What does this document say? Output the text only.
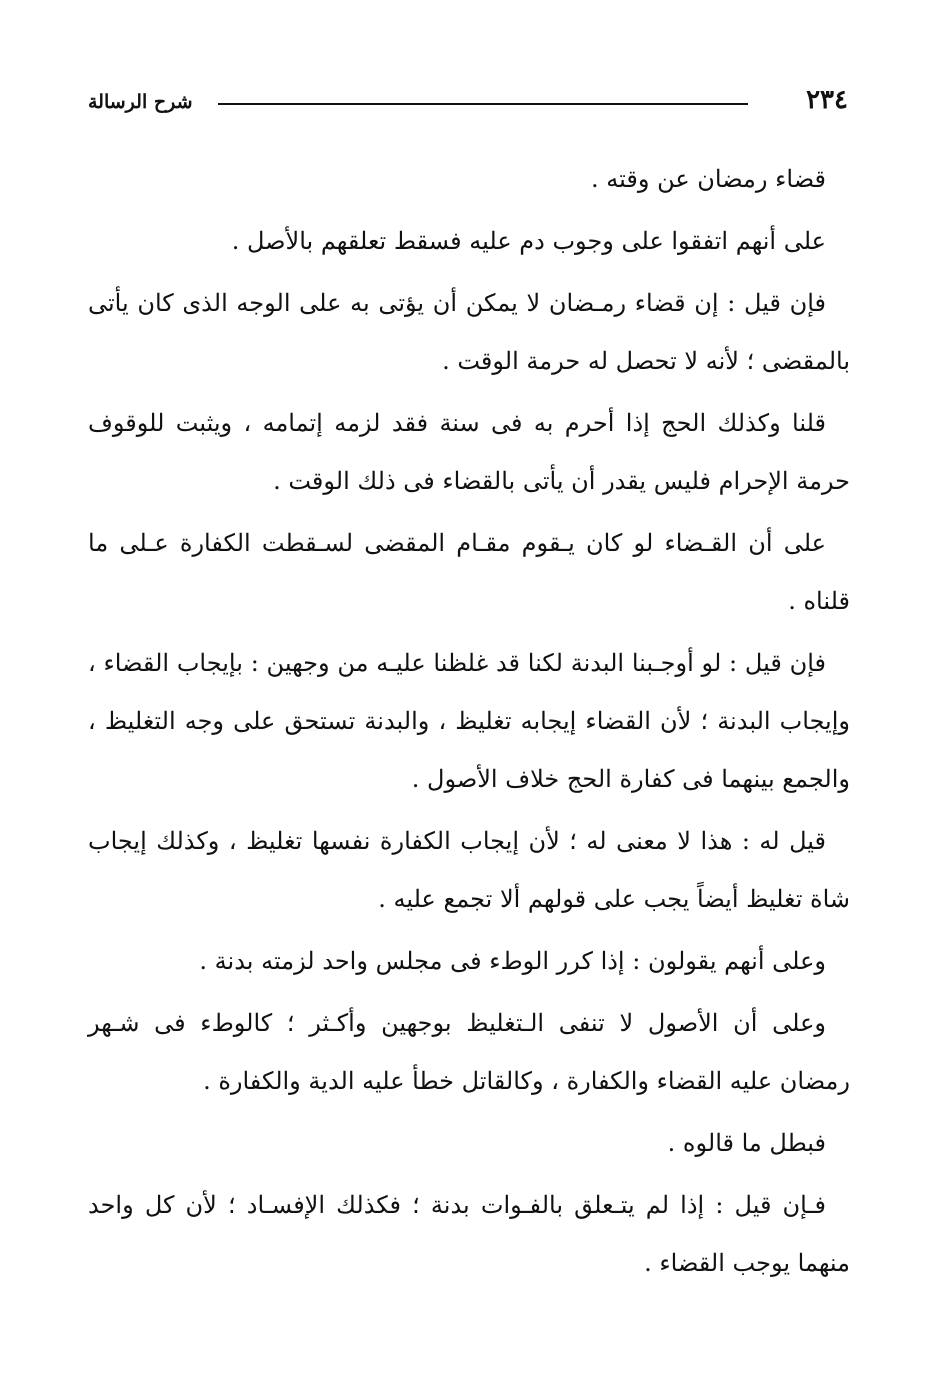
٢٣٤
شرح الرسالة

قضاء رمضان عن وقته .

على أنهم اتفقوا على وجوب دم عليه فسقط تعلقهم بالأصل .

فإن قيل : إن قضاء رمـضان لا يمكن أن يؤتى به على الوجه الذى كان يأتى بالمقضى ؛ لأنه لا تحصل له حرمة الوقت .

قلنا وكذلك الحج إذا أحرم به فى سنة فقد لزمه إتمامه ، ويثبت للوقوف حرمة الإحرام فليس يقدر أن يأتى بالقضاء فى ذلك الوقت .

على أن القـضاء لو كان يـقوم مقـام المقضى لسـقطت الكفارة عـلى ما قلناه .

فإن قيل : لو أوجـبنا البدنة لكنا قد غلظنا عليـه من وجهين : بإيجاب القضاء ، وإيجاب البدنة ؛ لأن القضاء إيجابه تغليظ ، والبدنة تستحق على وجه التغليظ ، والجمع بينهما فى كفارة الحج خلاف الأصول .

قيل له : هذا لا معنى له ؛ لأن إيجاب الكفارة نفسها تغليظ ، وكذلك إيجاب شاة تغليظ أيضاً يجب على قولهم ألا تجمع عليه .

وعلى أنهم يقولون : إذا كرر الوطء فى مجلس واحد لزمته بدنة .

وعلى أن الأصول لا تنفى الـتغليظ بوجهين وأكـثر ؛ كالوطء فى شـهر رمضان عليه القضاء والكفارة ، وكالقاتل خطأ عليه الدية والكفارة .

فبطل ما قالوه .

فـإن قيل : إذا لم يتـعلق بالفـوات بدنة ؛ فكذلك الإفسـاد ؛ لأن كل واحد منهما يوجب القضاء .
